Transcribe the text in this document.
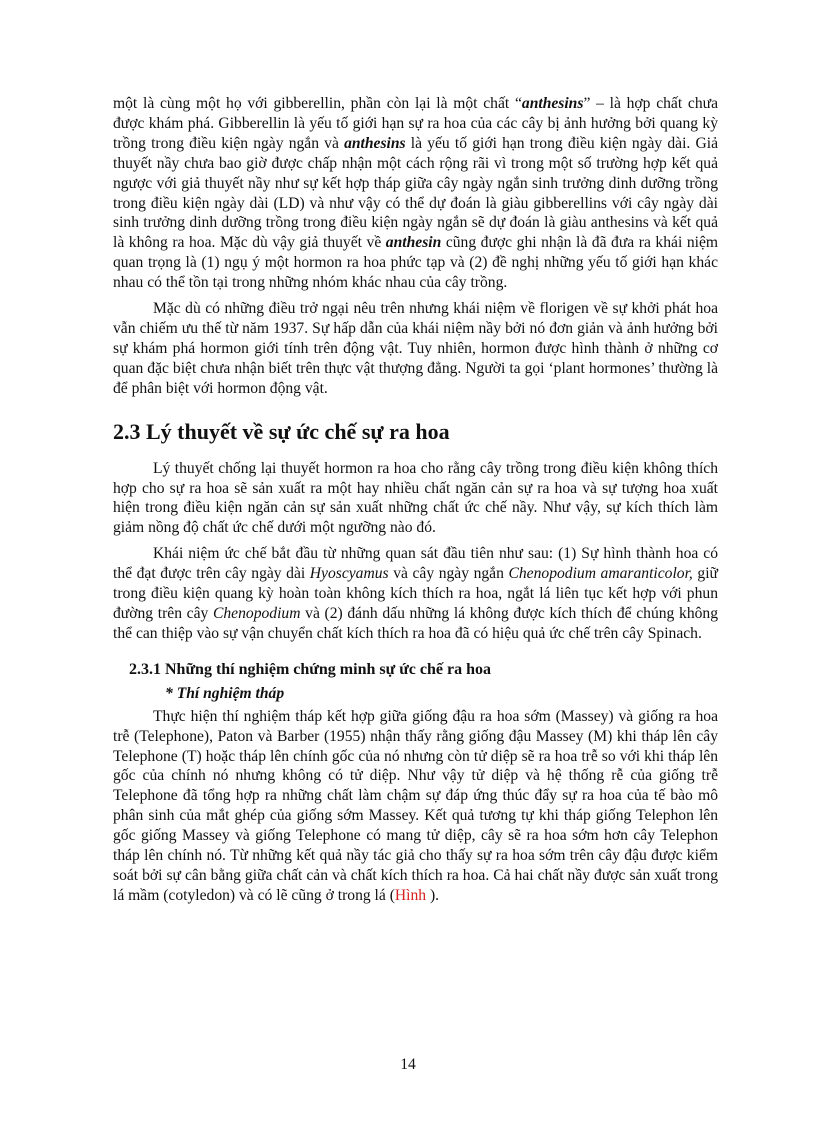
một là cùng một họ với gibberellin, phần còn lại là một chất “anthesins” – là hợp chất chưa được khám phá. Gibberellin là yếu tố giới hạn sự ra hoa của các cây bị ảnh hưởng bởi quang kỳ trồng trong điều kiện ngày ngắn và anthesins là yếu tố giới hạn trong điều kiện ngày dài. Giả thuyết nầy chưa bao giờ được chấp nhận một cách rộng rãi vì trong một số trường hợp kết quả ngược với giả thuyết nầy như sự kết hợp tháp giữa cây ngày ngắn sinh trưởng dinh dưỡng trồng trong điều kiện ngày dài (LD) và như vậy có thể dự đoán là giàu gibberellins với cây ngày dài sinh trưởng dinh dưỡng trồng trong điều kiện ngày ngắn sẽ dự đoán là giàu anthesins và kết quả là không ra hoa. Mặc dù vậy giả thuyết về anthesin cũng được ghi nhận là đã đưa ra khái niệm quan trọng là (1) ngụ ý một hormon ra hoa phức tạp và (2) đề nghị những yếu tố giới hạn khác nhau có thể tồn tại trong những nhóm khác nhau của cây trồng.

Mặc dù có những điều trở ngại nêu trên nhưng khái niệm về florigen về sự khởi phát hoa vẫn chiếm ưu thế từ năm 1937. Sự hấp dẫn của khái niệm nầy bởi nó đơn giản và ảnh hưởng bởi sự khám phá hormon giới tính trên động vật. Tuy nhiên, hormon được hình thành ở những cơ quan đặc biệt chưa nhận biết trên thực vật thượng đẳng. Người ta gọi ‘plant hormones’ thường là để phân biệt với hormon động vật.

2.3 Lý thuyết về sự ức chế sự ra hoa

Lý thuyết chống lại thuyết hormon ra hoa cho rằng cây trồng trong điều kiện không thích hợp cho sự ra hoa sẽ sản xuất ra một hay nhiều chất ngăn cản sự ra hoa và sự tượng hoa xuất hiện trong điều kiện ngăn cản sự sản xuất những chất ức chế nầy. Như vậy, sự kích thích làm giảm nồng độ chất ức chế dưới một ngưỡng nào đó.

Khái niệm ức chế bắt đầu từ những quan sát đầu tiên như sau: (1) Sự hình thành hoa có thể đạt được trên cây ngày dài Hyoscyamus và cây ngày ngắn Chenopodium amaranticolor, giữ trong điều kiện quang kỳ hoàn toàn không kích thích ra hoa, ngắt lá liên tục kết hợp với phun đường trên cây Chenopodium và (2) đánh dấu những lá không được kích thích để chúng không thể can thiệp vào sự vận chuyển chất kích thích ra hoa đã có hiệu quả ức chế trên cây Spinach.

2.3.1 Những thí nghiệm chứng minh sự ức chế ra hoa
* Thí nghiệm tháp

Thực hiện thí nghiệm tháp kết hợp giữa giống đậu ra hoa sớm (Massey) và giống ra hoa trễ (Telephone), Paton và Barber (1955) nhận thấy rằng giống đậu Massey (M) khi tháp lên cây Telephone (T) hoặc tháp lên chính gốc của nó nhưng còn tử diệp sẽ ra hoa trễ so với khi tháp lên gốc của chính nó nhưng không có tử diệp. Như vậy tử diệp và hệ thống rễ của giống trễ Telephone đã tổng hợp ra những chất làm chậm sự đáp ứng thúc đẩy sự ra hoa của tế bào mô phân sinh của mắt ghép của giống sớm Massey. Kết quả tương tự khi tháp giống Telephon lên gốc giống Massey và giống Telephone có mang tử diệp, cây sẽ ra hoa sớm hơn cây Telephon tháp lên chính nó. Từ những kết quả nầy tác giả cho thấy sự ra hoa sớm trên cây đậu được kiểm soát bởi sự cân bằng giữa chất cản và chất kích thích ra hoa. Cả hai chất nầy được sản xuất trong lá mầm (cotyledon) và có lẽ cũng ở trong lá (Hình ).

14
